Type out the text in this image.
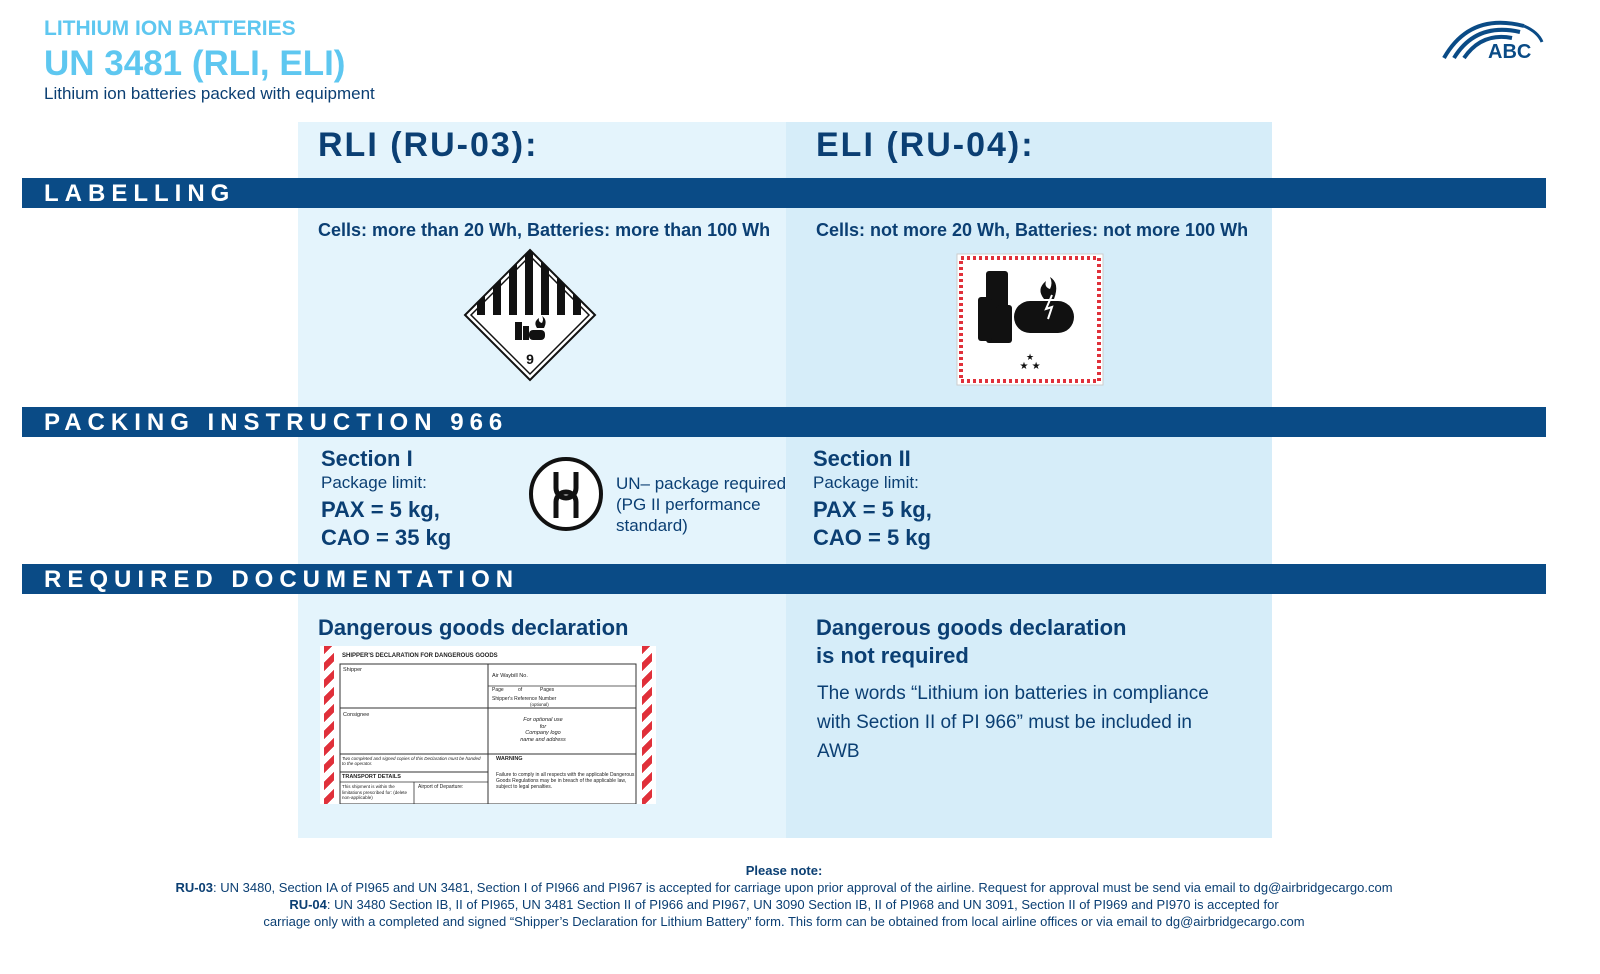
LITHIUM ION BATTERIES
UN 3481 (RLI, ELI)
Lithium ion batteries packed with equipment
ABC
RLI (RU-03):	ELI (RU-04):
LABELLING
Cells: more than 20 Wh, Batteries: more than 100 Wh	Cells: not more 20 Wh, Batteries: not more 100 Wh
9	★ ★
★
PACKING INSTRUCTION 966
Section I
Package limit:
PAX = 5 kg,
CAO = 35 kg
UN– package required (PG II performance standard)
Section II
Package limit:
PAX = 5 kg,
CAO = 5 kg
REQUIRED DOCUMENTATION
Dangerous goods declaration	Dangerous goods declaration
is not required
The words “Lithium ion batteries in compliance with Section II of PI 966” must be included in AWB
SHIPPER'S DECLARATION FOR DANGEROUS GOODS
Shipper
Air Waybill No.
Page	of	Pages
Shipper's Reference Number
(optional)
Consignee
For optional use
for
Company logo
name and address
Two completed and signed copies of this Declaration must be handed to the operator.
WARNING
TRANSPORT DETAILS
This shipment is within the limitations prescribed for: (delete non-applicable)
Airport of Departure:
Failure to comply in all respects with the applicable Dangerous Goods Regulations may be in breach of the applicable law, subject to legal penalties.
Please note:
RU-03: UN 3480, Section IA of PI965 and UN 3481, Section I of PI966 and PI967 is accepted for carriage upon prior approval of the airline. Request for approval must be send via email to dg@airbridgecargo.com
RU-04: UN 3480 Section IB, II of PI965, UN 3481 Section II of PI966 and PI967, UN 3090 Section IB, II of PI968 and UN 3091, Section II of PI969 and PI970 is accepted for
carriage only with a completed and signed “Shipper’s Declaration for Lithium Battery” form. This form can be obtained from local airline offices or via email to dg@airbridgecargo.com
